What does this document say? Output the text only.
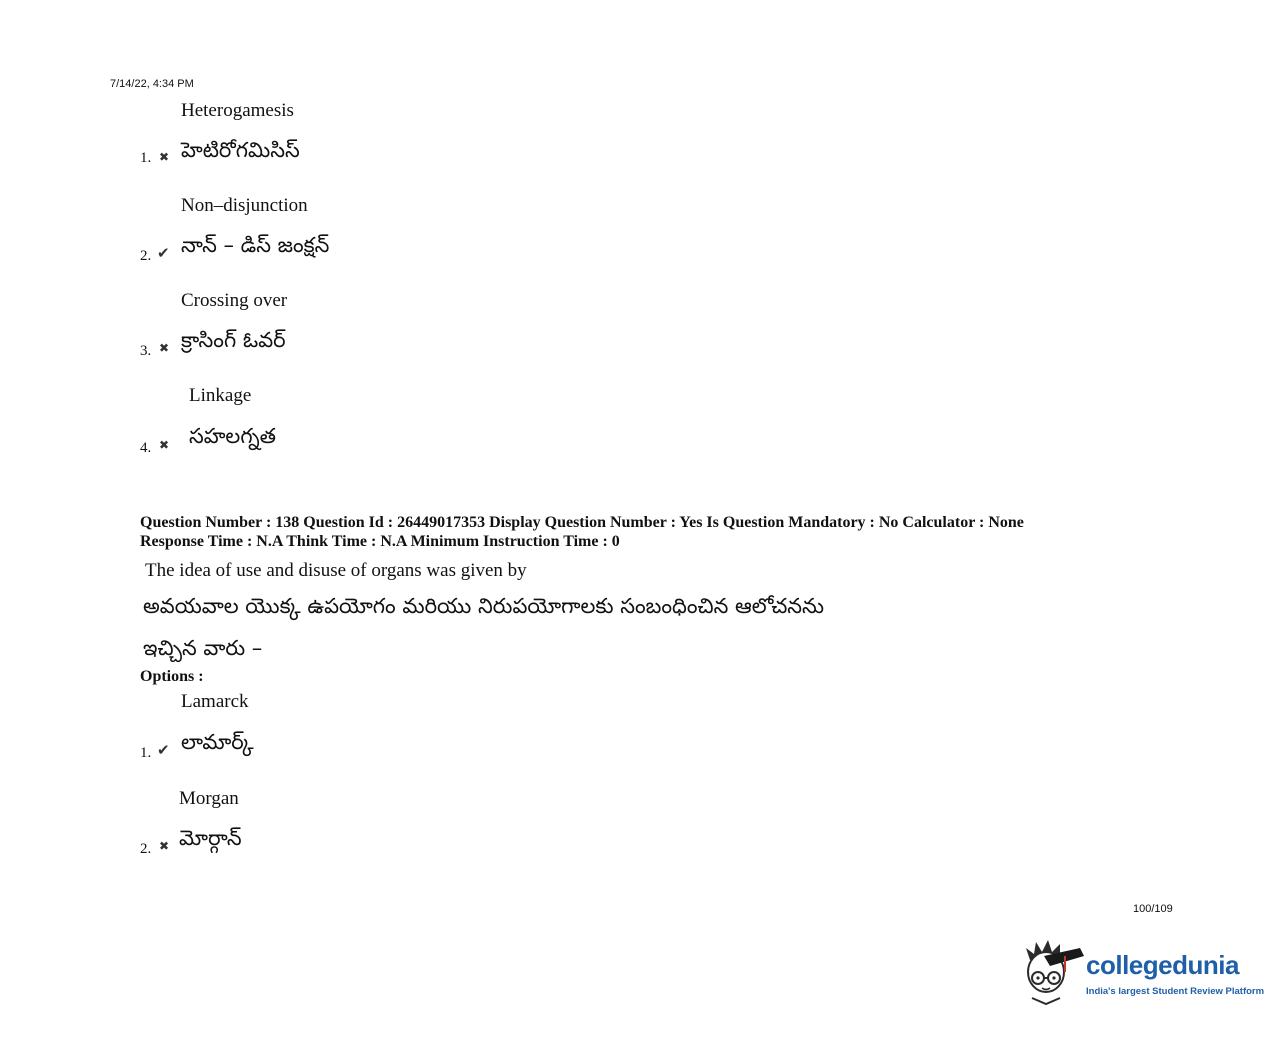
7/14/22, 4:34 PM
Heterogamesis
హెటిరోగమిసిస్
1. ✖
Non–disjunction
నాన్ – డిస్ జంక్షన్
2. ✔
Crossing over
క్రాసింగ్ ఓవర్
3. ✖
Linkage
సహలగ్నత
4. ✖
Question Number : 138 Question Id : 26449017353 Display Question Number : Yes Is Question Mandatory : No Calculator : None
Response Time : N.A Think Time : N.A Minimum Instruction Time : 0
The idea of use and disuse of organs was given by
అవయవాల యొక్క ఉపయోగం మరియు నిరుపయోగాలకు సంబంధించిన ఆలోచనను
ఇచ్చిన వారు –
Options :
Lamarck
లామార్క్
1. ✔
Morgan
మోర్గాన్
2. ✖
100/109
collegedunia
India's largest Student Review Platform
